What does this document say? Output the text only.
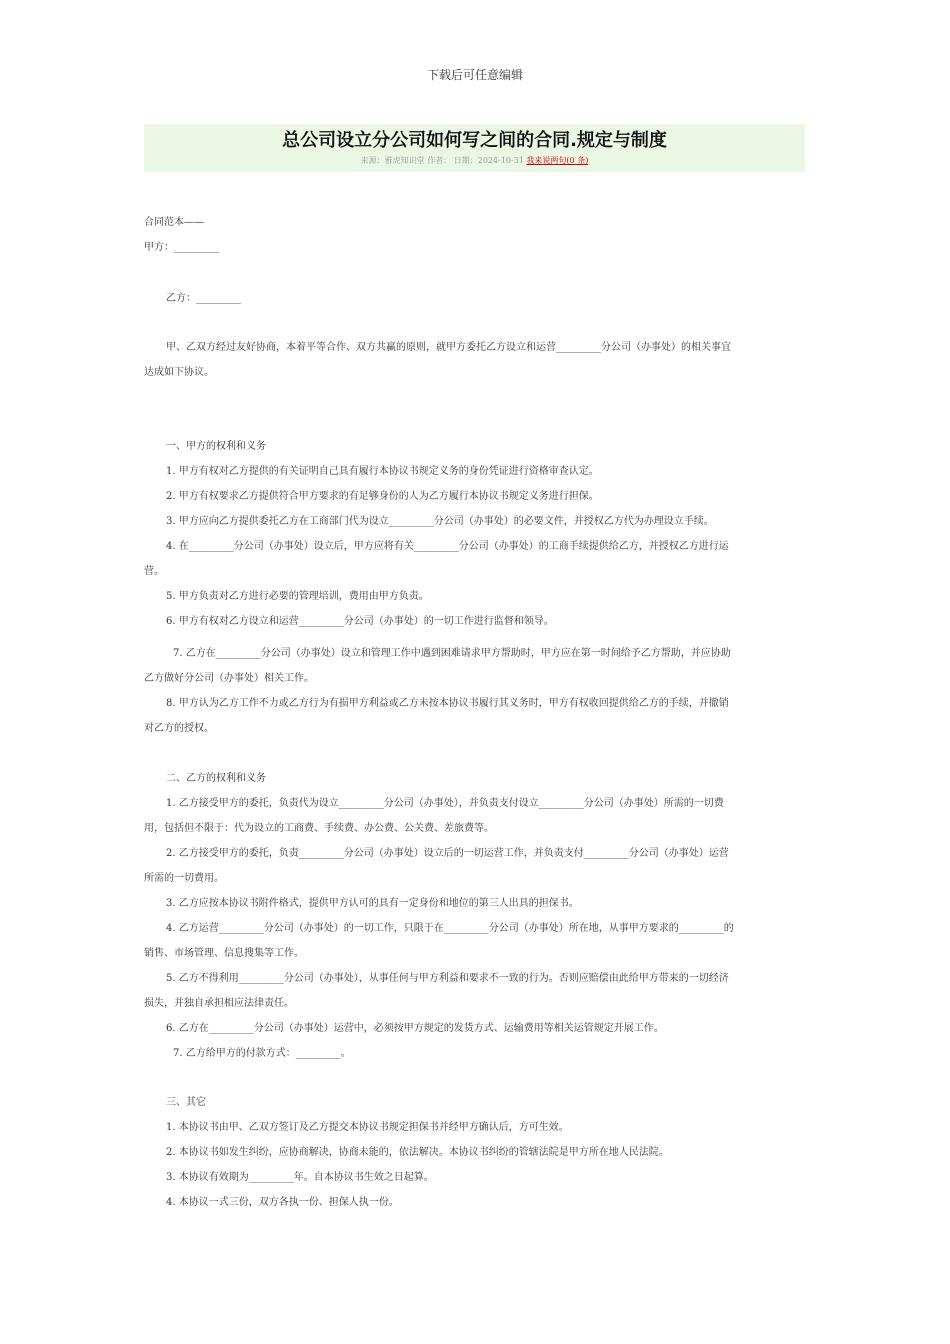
下载后可任意编辑
总公司设立分公司如何写之间的合同.规定与制度
来源：雅虎知识堂 作者： 日期：2024-10-31 我来说两句(0 条)
合同范本——
甲方：_________
乙方：_________
甲、乙双方经过友好协商，本着平等合作、双方共赢的原则，就甲方委托乙方设立和运营_________分公司（办事处）的相关事宜
达成如下协议。
一、甲方的权利和义务
1. 甲方有权对乙方提供的有关证明自己具有履行本协议书规定义务的身份凭证进行资格审查认定。
2. 甲方有权要求乙方提供符合甲方要求的有足够身份的人为乙方履行本协议书规定义务进行担保。
3. 甲方应向乙方提供委托乙方在工商部门代为设立_________分公司（办事处）的必要文件，并授权乙方代为办理设立手续。
4. 在_________分公司（办事处）设立后，甲方应将有关_________分公司（办事处）的工商手续提供给乙方，并授权乙方进行运
营。
5. 甲方负责对乙方进行必要的管理培训，费用由甲方负责。
6. 甲方有权对乙方设立和运营_________分公司（办事处）的一切工作进行监督和领导。
7. 乙方在_________分公司（办事处）设立和管理工作中遇到困难请求甲方帮助时，甲方应在第一时间给予乙方帮助，并应协助
乙方做好分公司（办事处）相关工作。
8. 甲方认为乙方工作不力或乙方行为有损甲方利益或乙方未按本协议书履行其义务时，甲方有权收回提供给乙方的手续，并撤销
对乙方的授权。
二、乙方的权利和义务
1. 乙方接受甲方的委托，负责代为设立_________分公司（办事处），并负责支付设立_________分公司（办事处）所需的一切费
用，包括但不限于：代为设立的工商费、手续费、办公费、公关费、差旅费等。
2. 乙方接受甲方的委托，负责_________分公司（办事处）设立后的一切运营工作，并负责支付_________分公司（办事处）运营
所需的一切费用。
3. 乙方应按本协议书附件格式，提供甲方认可的具有一定身份和地位的第三人出具的担保书。
4. 乙方运营_________分公司（办事处）的一切工作，只限于在_________分公司（办事处）所在地，从事甲方要求的_________的
销售、市场管理、信息搜集等工作。
5. 乙方不得利用_________分公司（办事处），从事任何与甲方利益和要求不一致的行为。否则应赔偿由此给甲方带来的一切经济
损失，并独自承担相应法律责任。
6. 乙方在_________分公司（办事处）运营中，必须按甲方规定的发货方式、运输费用等相关运管规定开展工作。
7. 乙方给甲方的付款方式：_________。
三、其它
1. 本协议书由甲、乙双方签订及乙方提交本协议书规定担保书并经甲方确认后，方可生效。
2. 本协议书如发生纠纷，应协商解决，协商未能的，依法解决。本协议书纠纷的管辖法院是甲方所在地人民法院。
3. 本协议有效期为_________年。自本协议书生效之日起算。
4. 本协议一式三份，双方各执一份、担保人执一份。
